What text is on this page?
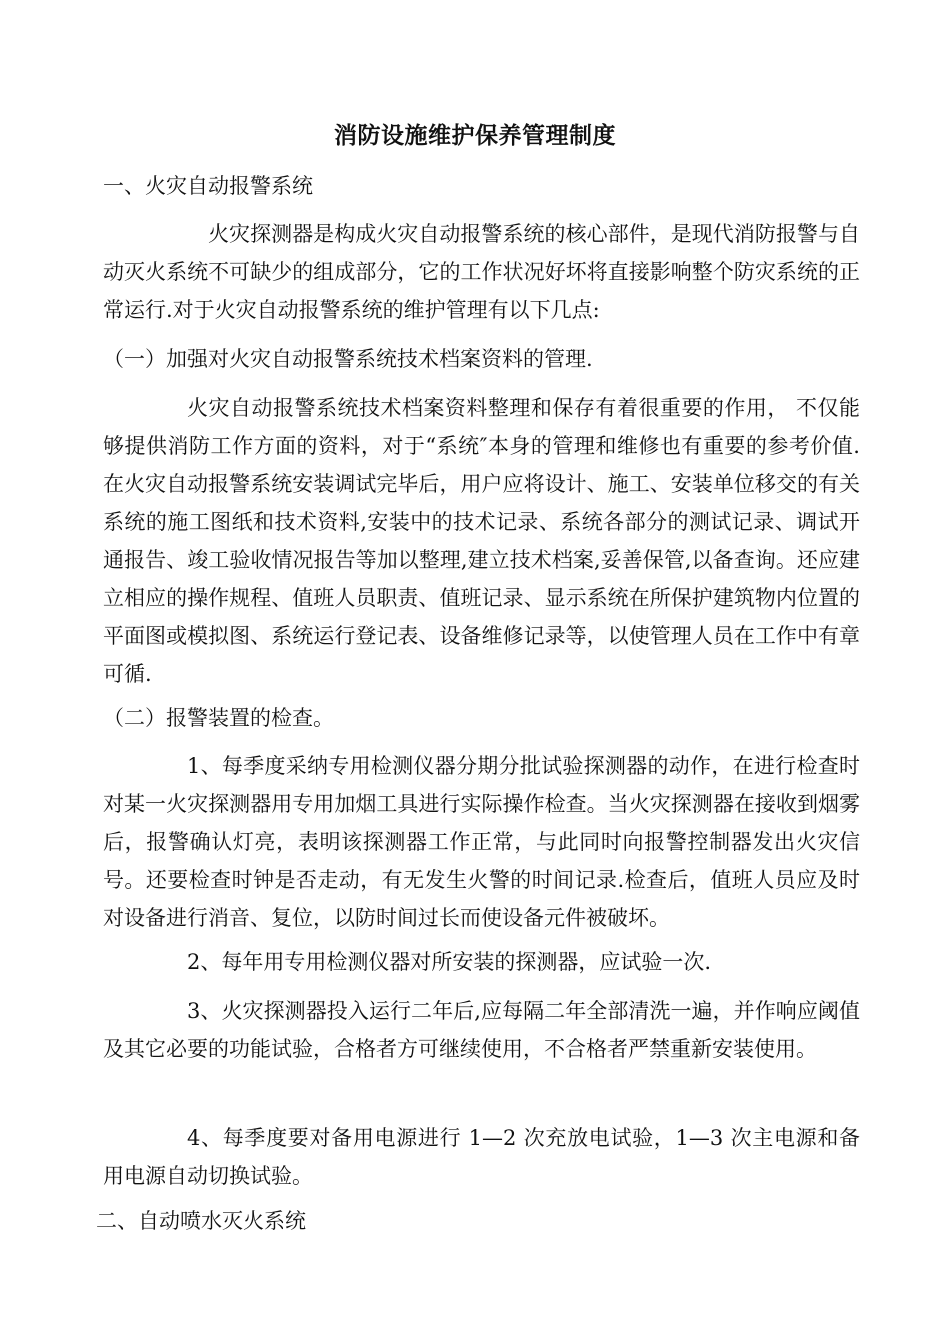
消防设施维护保养管理制度
一、火灾自动报警系统
火灾探测器是构成火灾自动报警系统的核心部件，是现代消防报警与自动灭火系统不可缺少的组成部分，它的工作状况好坏将直接影响整个防灾系统的正常运行.对于火灾自动报警系统的维护管理有以下几点:
（一）加强对火灾自动报警系统技术档案资料的管理.
火灾自动报警系统技术档案资料整理和保存有着很重要的作用， 不仅能够提供消防工作方面的资料，对于“系统″本身的管理和维修也有重要的参考价值.在火灾自动报警系统安装调试完毕后，用户应将设计、施工、安装单位移交的有关系统的施工图纸和技术资料,安装中的技术记录、系统各部分的测试记录、调试开通报告、竣工验收情况报告等加以整理,建立技术档案,妥善保管,以备查询。还应建立相应的操作规程、值班人员职责、值班记录、显示系统在所保护建筑物内位置的平面图或模拟图、系统运行登记表、设备维修记录等，以使管理人员在工作中有章可循.
（二）报警装置的检查。
1、每季度采纳专用检测仪器分期分批试验探测器的动作，在进行检查时对某一火灾探测器用专用加烟工具进行实际操作检查。当火灾探测器在接收到烟雾后，报警确认灯亮，表明该探测器工作正常，与此同时向报警控制器发出火灾信号。还要检查时钟是否走动，有无发生火警的时间记录.检查后，值班人员应及时对设备进行消音、复位，以防时间过长而使设备元件被破坏。
2、每年用专用检测仪器对所安装的探测器，应试验一次.
3、火灾探测器投入运行二年后,应每隔二年全部清洗一遍，并作响应阈值及其它必要的功能试验，合格者方可继续使用，不合格者严禁重新安装使用。
4、每季度要对备用电源进行 1—2 次充放电试验，1—3 次主电源和备用电源自动切换试验。
二、自动喷水灭火系统
